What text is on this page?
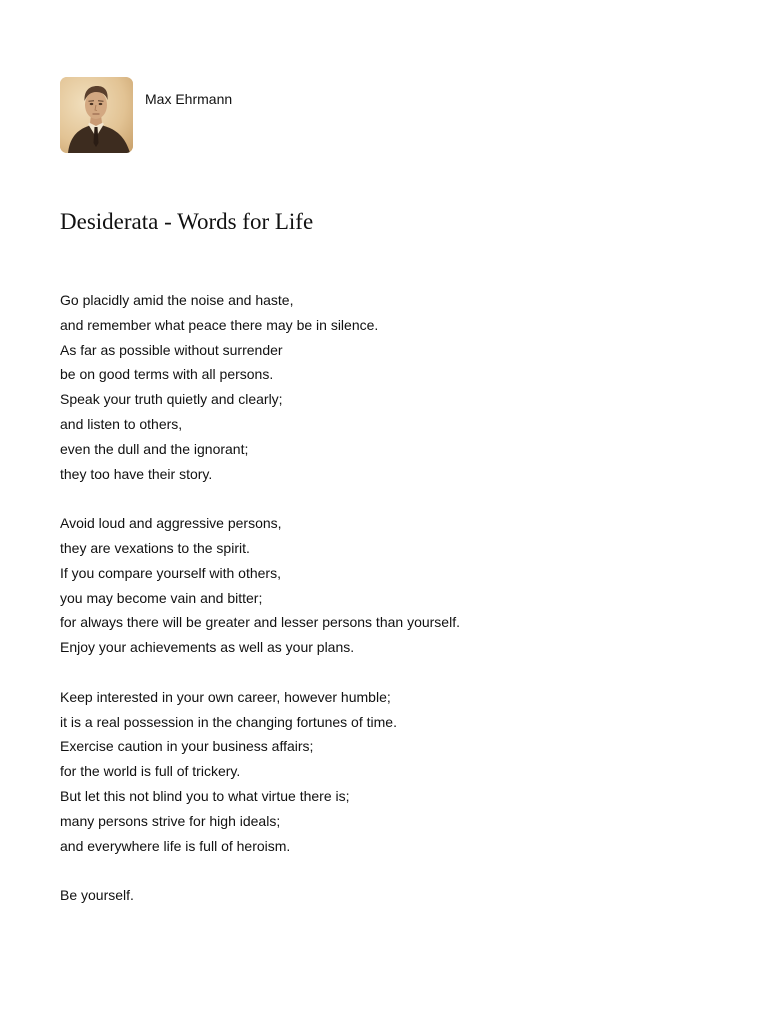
Max Ehrmann
Desiderata - Words for Life
Go placidly amid the noise and haste,
and remember what peace there may be in silence.
As far as possible without surrender
be on good terms with all persons.
Speak your truth quietly and clearly;
and listen to others,
even the dull and the ignorant;
they too have their story.
Avoid loud and aggressive persons,
they are vexations to the spirit.
If you compare yourself with others,
you may become vain and bitter;
for always there will be greater and lesser persons than yourself.
Enjoy your achievements as well as your plans.
Keep interested in your own career, however humble;
it is a real possession in the changing fortunes of time.
Exercise caution in your business affairs;
for the world is full of trickery.
But let this not blind you to what virtue there is;
many persons strive for high ideals;
and everywhere life is full of heroism.
Be yourself.
